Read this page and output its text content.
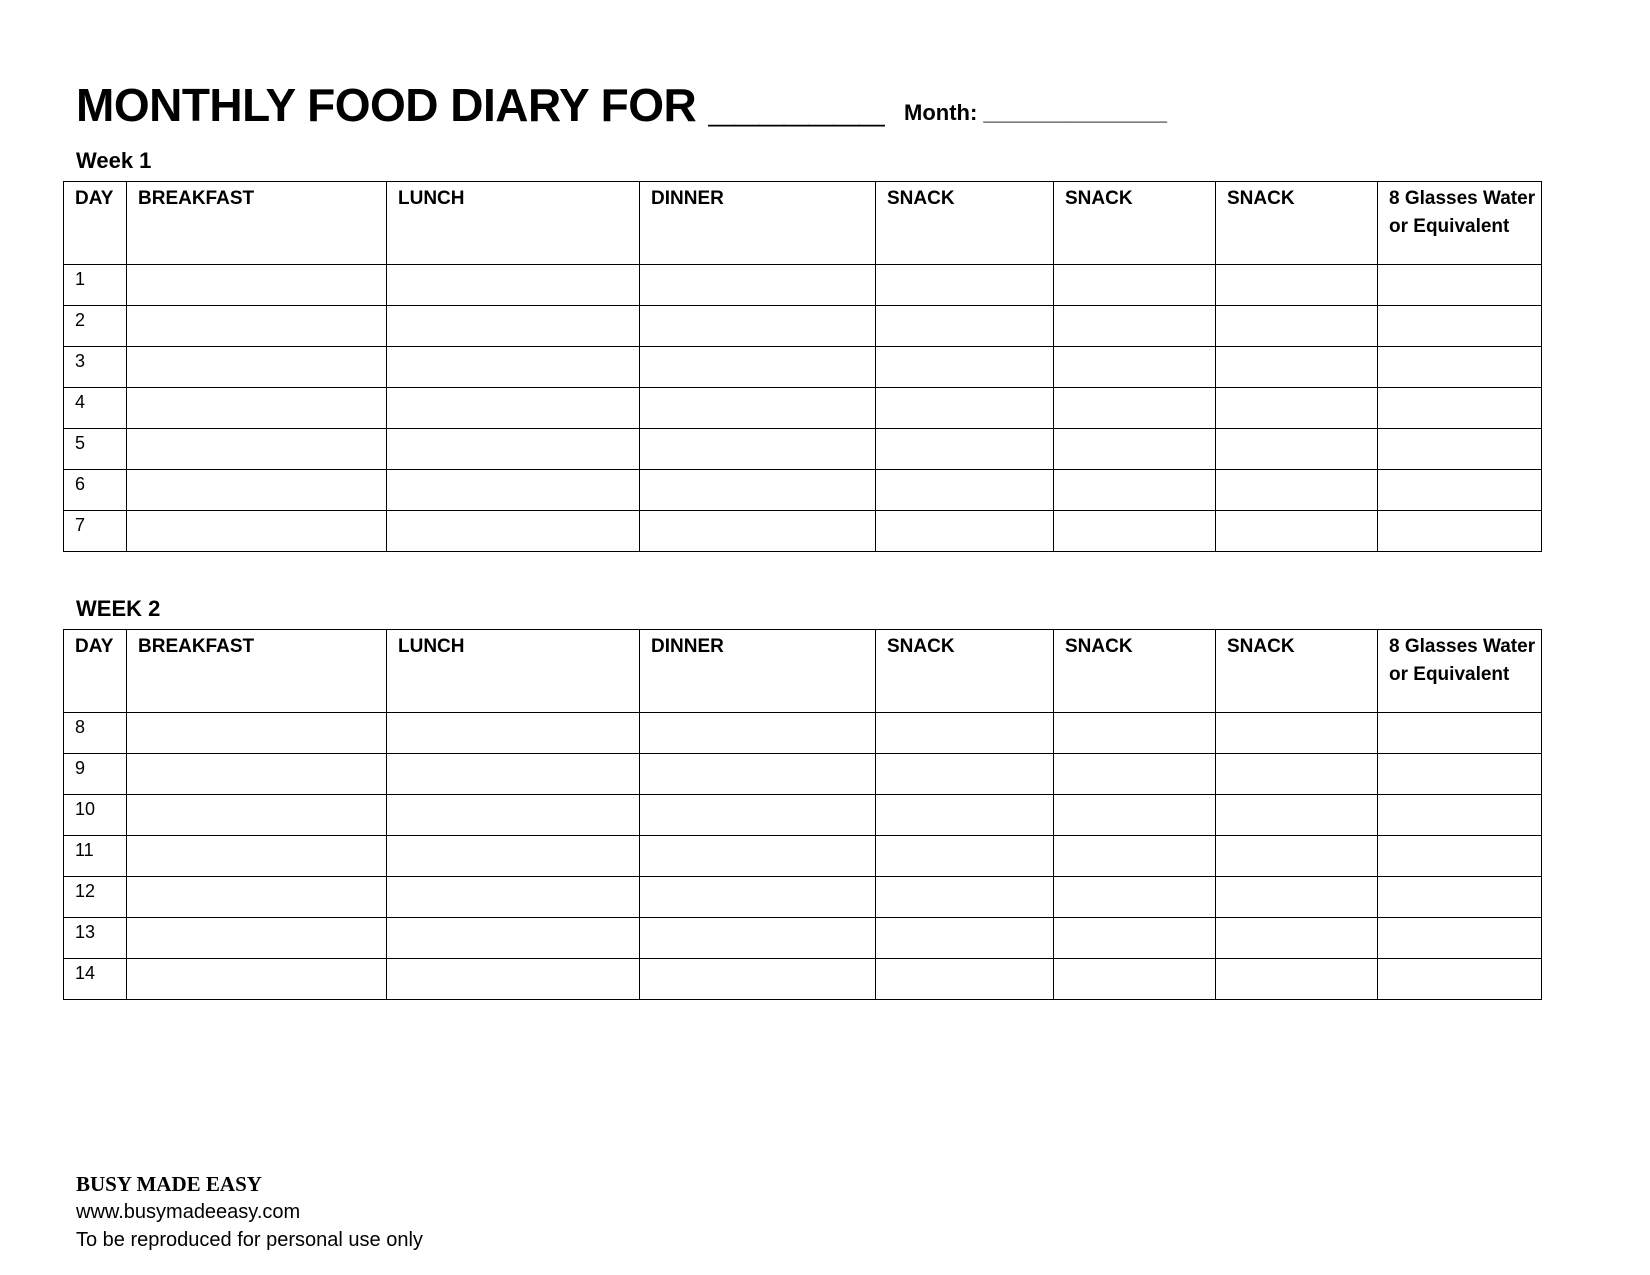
MONTHLY FOOD DIARY FOR _______ Month: _______________
Week 1
DAY	BREAKFAST	LUNCH	DINNER	SNACK	SNACK	SNACK	8 Glasses Water or Equivalent

1							

2							

3							

4							

5							

6							

7							

WEEK 2
DAY	BREAKFAST	LUNCH	DINNER	SNACK	SNACK	SNACK	8 Glasses Water or Equivalent

8							

9							

10							

11							

12							

13							

14							

BUSY MADE EASY
www.busymadeeasy.com
To be reproduced for personal use only
